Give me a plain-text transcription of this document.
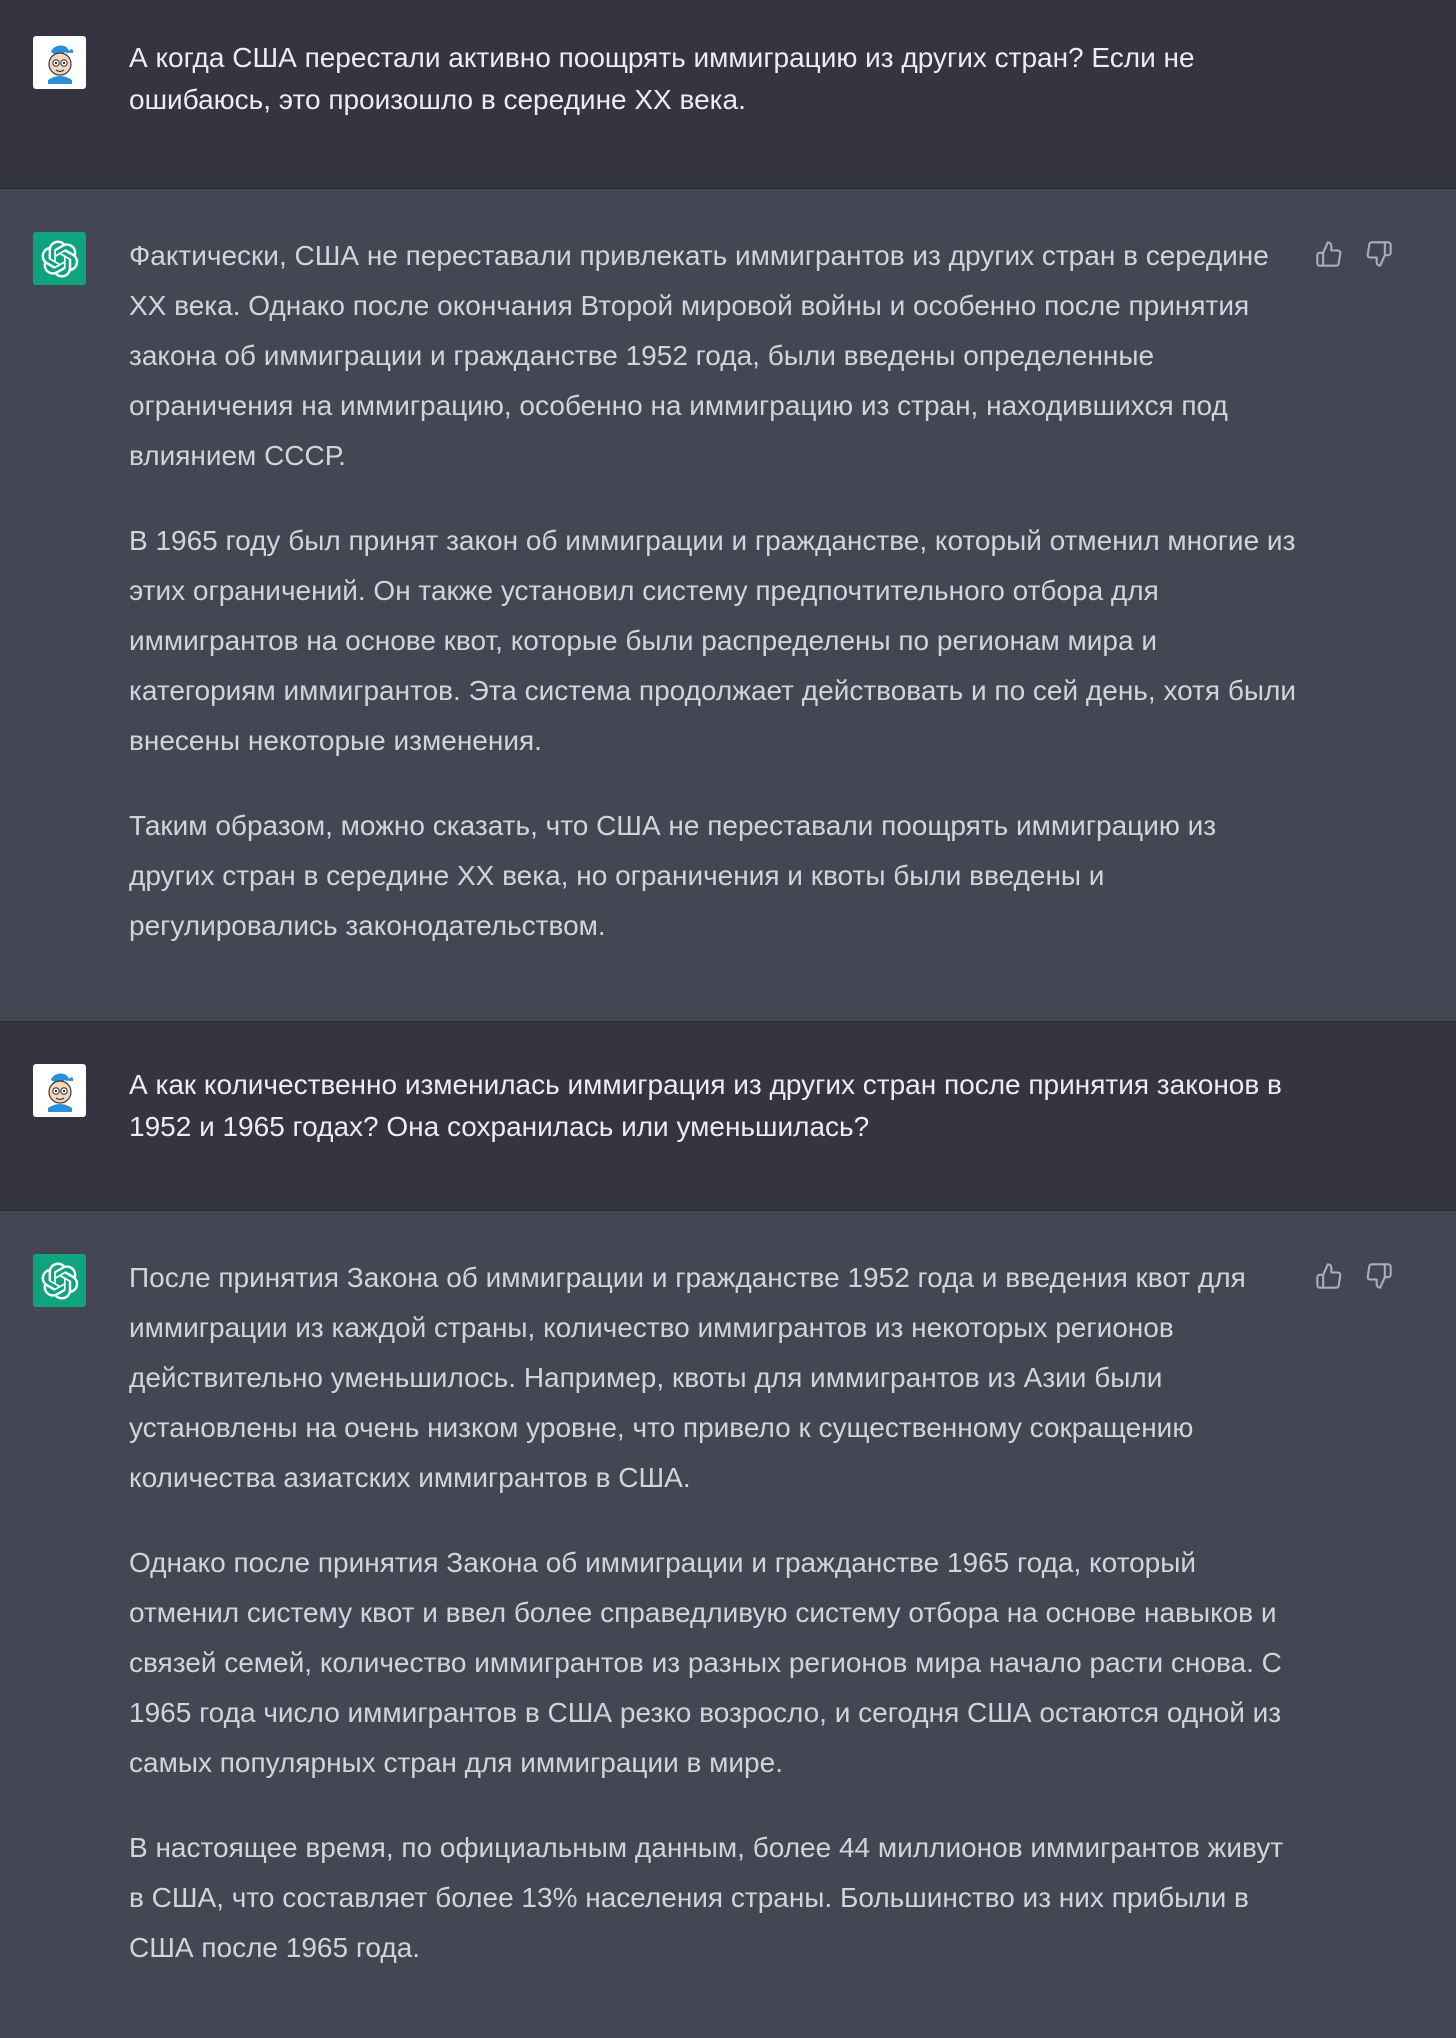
А когда США перестали активно поощрять иммиграцию из других стран? Если не ошибаюсь, это произошло в середине XX века.

Фактически, США не переставали привлекать иммигрантов из других стран в середине XX века. Однако после окончания Второй мировой войны и особенно после принятия закона об иммиграции и гражданстве 1952 года, были введены определенные ограничения на иммиграцию, особенно на иммиграцию из стран, находившихся под влиянием СССР.

В 1965 году был принят закон об иммиграции и гражданстве, который отменил многие из этих ограничений. Он также установил систему предпочтительного отбора для иммигрантов на основе квот, которые были распределены по регионам мира и категориям иммигрантов. Эта система продолжает действовать и по сей день, хотя были внесены некоторые изменения.

Таким образом, можно сказать, что США не переставали поощрять иммиграцию из других стран в середине XX века, но ограничения и квоты были введены и регулировались законодательством.

А как количественно изменилась иммиграция из других стран после принятия законов в 1952 и 1965 годах? Она сохранилась или уменьшилась?

После принятия Закона об иммиграции и гражданстве 1952 года и введения квот для иммиграции из каждой страны, количество иммигрантов из некоторых регионов действительно уменьшилось. Например, квоты для иммигрантов из Азии были установлены на очень низком уровне, что привело к существенному сокращению количества азиатских иммигрантов в США.

Однако после принятия Закона об иммиграции и гражданстве 1965 года, который отменил систему квот и ввел более справедливую систему отбора на основе навыков и связей семей, количество иммигрантов из разных регионов мира начало расти снова. С 1965 года число иммигрантов в США резко возросло, и сегодня США остаются одной из самых популярных стран для иммиграции в мире.

В настоящее время, по официальным данным, более 44 миллионов иммигрантов живут в США, что составляет более 13% населения страны. Большинство из них прибыли в США после 1965 года.
